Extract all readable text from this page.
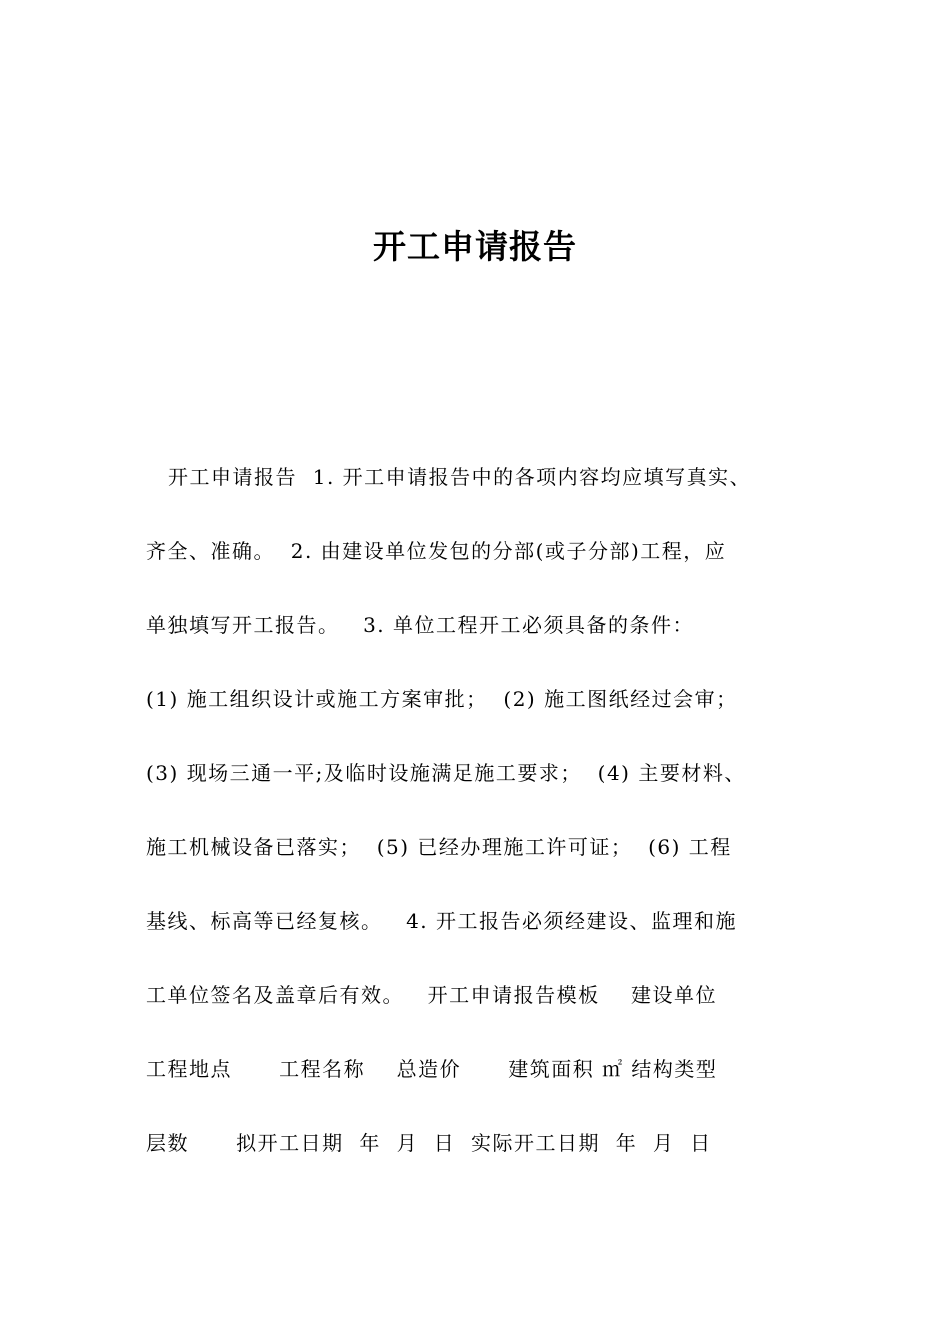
开工申请报告
开工申请报告  1. 开工申请报告中的各项内容均应填写真实、
齐全、准确。  2. 由建设单位发包的分部(或子分部)工程，应
单独填写开工报告。   3. 单位工程开工必须具备的条件：
(1) 施工组织设计或施工方案审批；  (2) 施工图纸经过会审；
(3) 现场三通一平;及临时设施满足施工要求；  (4) 主要材料、
施工机械设备已落实；  (5) 已经办理施工许可证；  (6) 工程
基线、标高等已经复核。   4. 开工报告必须经建设、监理和施
工单位签名及盖章后有效。   开工申请报告模板    建设单位
工程地点      工程名称    总造价      建筑面积 ㎡ 结构类型
层数      拟开工日期  年  月  日  实际开工日期  年  月  日
